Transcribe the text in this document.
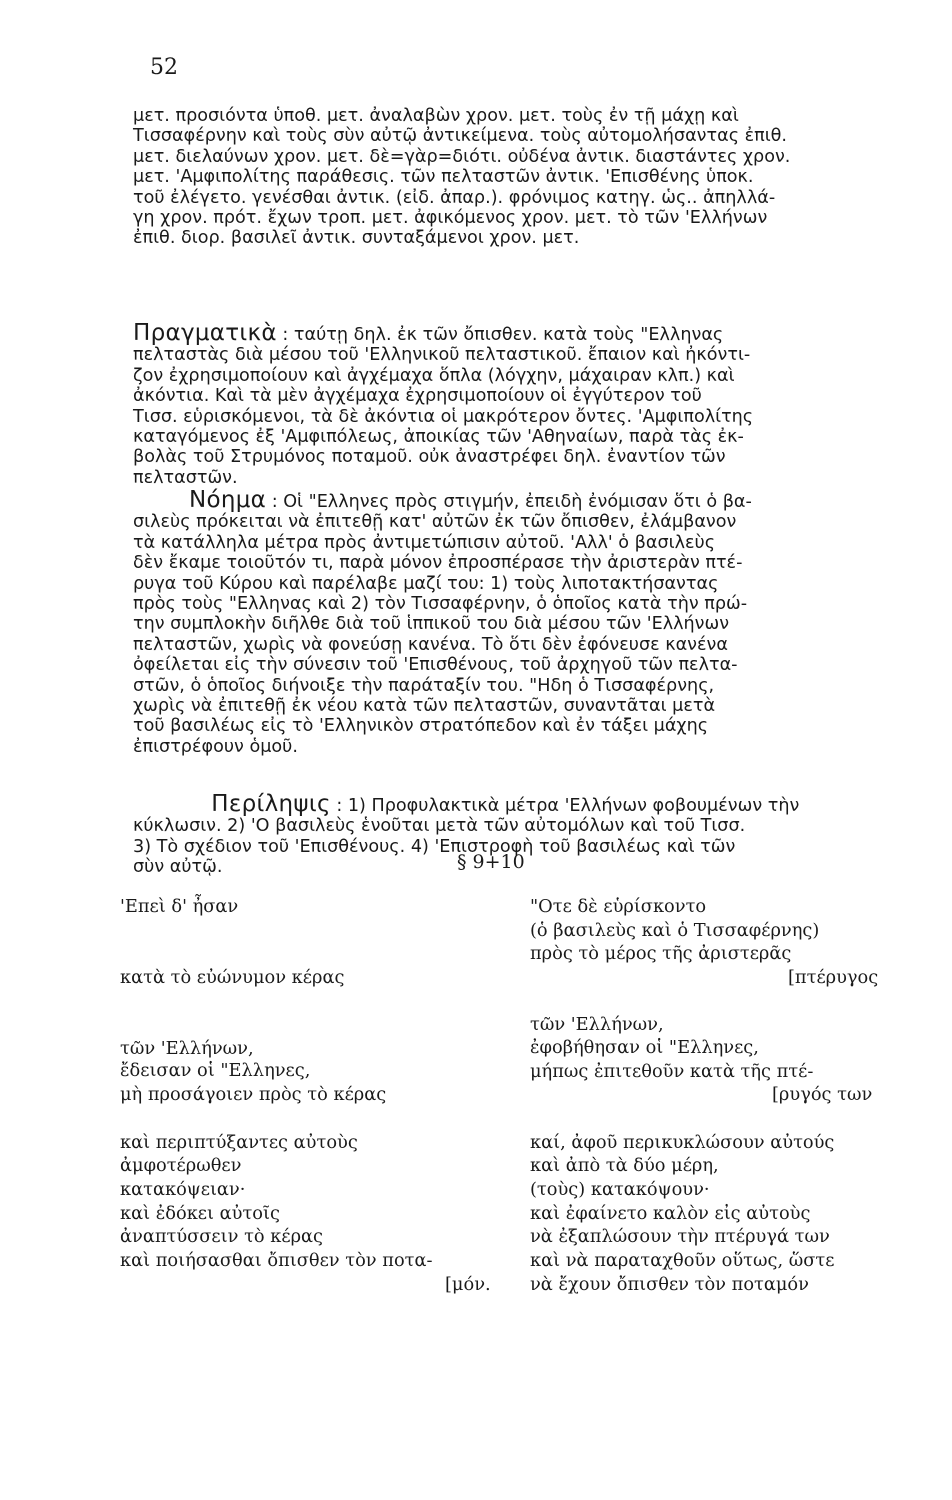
52
μετ. προσιόντα ὑποθ. μετ. ἀναλαβὼν χρον. μετ. τοὺς ἐν τῇ μάχῃ καὶ
Τισσαφέρνην καὶ τοὺς σὺν αὐτῷ ἀντικείμενα. τοὺς αὐτομολήσαντας ἐπιθ.
μετ. διελαύνων χρον. μετ. δὲ=γὰρ=διότι. οὐδένα ἀντικ. διαστάντες χρον.
μετ. 'Αμφιπολίτης παράθεσις. τῶν πελταστῶν ἀντικ. 'Επισθένης ὑποκ.
τοῦ ἐλέγετο. γενέσθαι ἀντικ. (εἰδ. ἀπαρ.). φρόνιμος κατηγ. ὡς.. ἀπηλλά-
γη χρον. πρότ. ἔχων τροπ. μετ. ἀφικόμενος χρον. μετ. τὸ τῶν 'Ελλήνων
ἐπιθ. διορ. βασιλεῖ ἀντικ. συνταξάμενοι χρον. μετ.
Πραγματικὰ : ταύτῃ δηλ. ἐκ τῶν ὄπισθεν. κατὰ τοὺς "Ελληνας
πελταστὰς διὰ μέσου τοῦ 'Ελληνικοῦ πελταστικοῦ. ἔπαιον καὶ ἠκόντι-
ζον ἐχρησιμοποίουν καὶ ἀγχέμαχα ὅπλα (λόγχην, μάχαιραν κλπ.) καὶ
ἀκόντια. Καὶ τὰ μὲν ἀγχέμαχα ἐχρησιμοποίουν οἱ ἐγγύτερον τοῦ
Τισσ. εὑρισκόμενοι, τὰ δὲ ἀκόντια οἱ μακρότερον ὄντες. 'Αμφιπολίτης
καταγόμενος ἐξ 'Αμφιπόλεως, ἀποικίας τῶν 'Αθηναίων, παρὰ τὰς ἐκ-
βολὰς τοῦ Στρυμόνος ποταμοῦ. οὐκ ἀναστρέφει δηλ. ἐναντίον τῶν
πελταστῶν.
Νόημα : Οἱ "Ελληνες πρὸς στιγμήν, ἐπειδὴ ἐνόμισαν ὅτι ὁ βα-
σιλεὺς πρόκειται νὰ ἐπιτεθῇ κατ' αὐτῶν ἐκ τῶν ὄπισθεν, ἐλάμβανον
τὰ κατάλληλα μέτρα πρὸς ἀντιμετώπισιν αὐτοῦ. 'Αλλ' ὁ βασιλεὺς
δὲν ἔκαμε τοιοῦτόν τι, παρὰ μόνον ἐπροσπέρασε τὴν ἀριστερὰν πτέ-
ρυγα τοῦ Κύρου καὶ παρέλαβε μαζί του: 1) τοὺς λιποτακτήσαντας
πρὸς τοὺς "Ελληνας καὶ 2) τὸν Τισσαφέρνην, ὁ ὁποῖος κατὰ τὴν πρώ-
την συμπλοκὴν διῆλθε διὰ τοῦ ἱππικοῦ του διὰ μέσου τῶν 'Ελλήνων
πελταστῶν, χωρὶς νὰ φονεύσῃ κανένα. Τὸ ὅτι δὲν ἐφόνευσε κανένα
ὀφείλεται εἰς τὴν σύνεσιν τοῦ 'Επισθένους, τοῦ ἀρχηγοῦ τῶν πελτα-
στῶν, ὁ ὁποῖος διήνοιξε τὴν παράταξίν του. "Ηδη ὁ Τισσαφέρνης,
χωρὶς νὰ ἐπιτεθῇ ἐκ νέου κατὰ τῶν πελταστῶν, συναντᾶται μετὰ
τοῦ βασιλέως εἰς τὸ 'Ελληνικὸν στρατόπεδον καὶ ἐν τάξει μάχης
ἐπιστρέφουν ὁμοῦ.
Περίληψις : 1) Προφυλακτικὰ μέτρα 'Ελλήνων φοβουμένων τὴν
κύκλωσιν. 2) 'Ο βασιλεὺς ἑνοῦται μετὰ τῶν αὐτομόλων καὶ τοῦ Τισσ.
3) Τὸ σχέδιον τοῦ 'Επισθένους. 4) 'Επιστροφὴ τοῦ βασιλέως καὶ τῶν
σὺν αὐτῷ.	§ 9+10
'Επεὶ δ' ἦσαν
κατὰ τὸ εὐώνυμον κέρας
τῶν 'Ελλήνων,
ἔδεισαν οἱ "Ελληνες,
μὴ προσάγοιεν πρὸς τὸ κέρας
καὶ περιπτύξαντες αὐτοὺς
ἀμφοτέρωθεν
κατακόψειαν·
καὶ ἐδόκει αὐτοῖς
ἀναπτύσσειν τὸ κέρας
καὶ ποιήσασθαι ὄπισθεν τὸν ποτα-
[μόν.
"Οτε δὲ εὑρίσκοντο
(ὁ βασιλεὺς καὶ ὁ Τισσαφέρνης)
πρὸς τὸ μέρος τῆς ἀριστερᾶς
[πτέρυγος
τῶν 'Ελλήνων,
ἐφοβήθησαν οἱ "Ελληνες,
μήπως ἐπιτεθοῦν κατὰ τῆς πτέ-
[ρυγός των
καί, ἀφοῦ περικυκλώσουν αὐτούς
καὶ ἀπὸ τὰ δύο μέρη,
(τοὺς) κατακόψουν·
καὶ ἐφαίνετο καλὸν εἰς αὐτοὺς
νὰ ἐξαπλώσουν τὴν πτέρυγά των
καὶ νὰ παραταχθοῦν οὕτως, ὥστε
νὰ ἔχουν ὄπισθεν τὸν ποταμόν
